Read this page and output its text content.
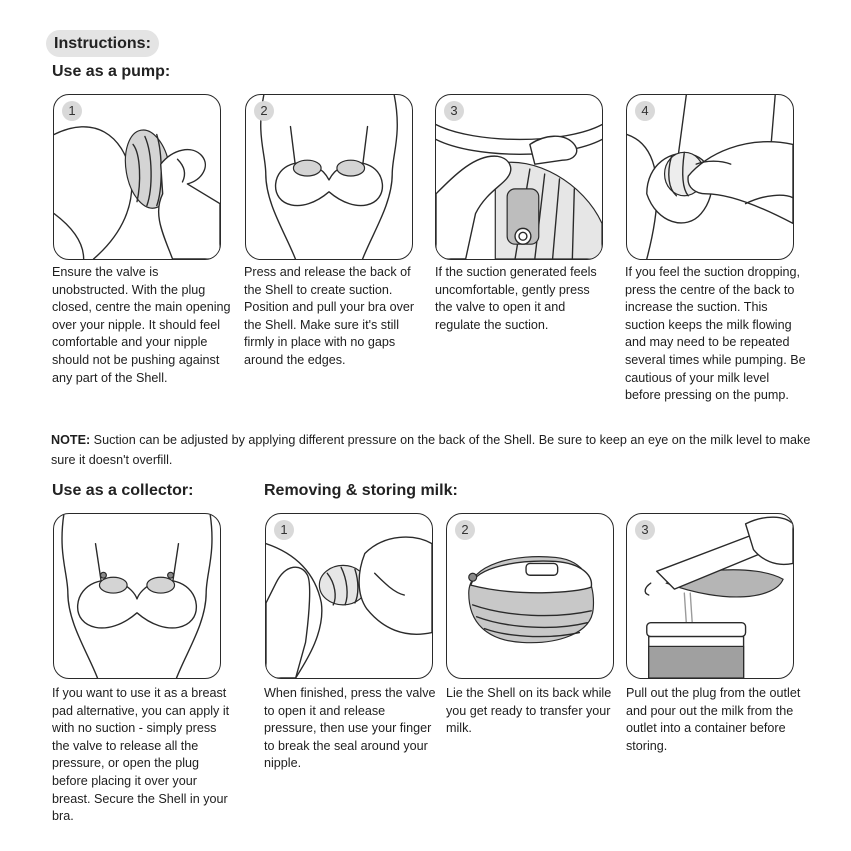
Instructions:
Use as a pump:
1
Ensure the valve is unobstructed. With the plug closed, centre the main opening over your nipple. It should feel comfortable and your nipple should not be pushing against any part of the Shell.
2
Press and release the back of the Shell to create suction. Position and pull your bra over the Shell. Make sure it's still firmly in place with no gaps around the edges.
3
If the suction generated feels uncomfortable, gently press the valve to open it and regulate the suction.
4
If you feel the suction dropping, press the centre of the back to increase the suction. This suction keeps the milk flowing and may need to be repeated several times while pumping. Be cautious of your milk level before pressing on the pump.
NOTE: Suction can be adjusted by applying different pressure on the back of the Shell. Be sure to keep an eye on the milk level to make sure it doesn't overfill.
Use as a collector:	Removing & storing milk:
If you want to use it as a breast pad alternative, you can apply it with no suction - simply press the valve to release all the pressure, or open the plug before placing it over your breast. Secure the Shell in your bra.
1
When finished, press the valve to open it and release pressure, then use your finger to break the seal around your nipple.
2
Lie the Shell on its back while you get ready to transfer your milk.
3
Pull out the plug from the outlet and pour out the milk from the outlet into a container before storing.
